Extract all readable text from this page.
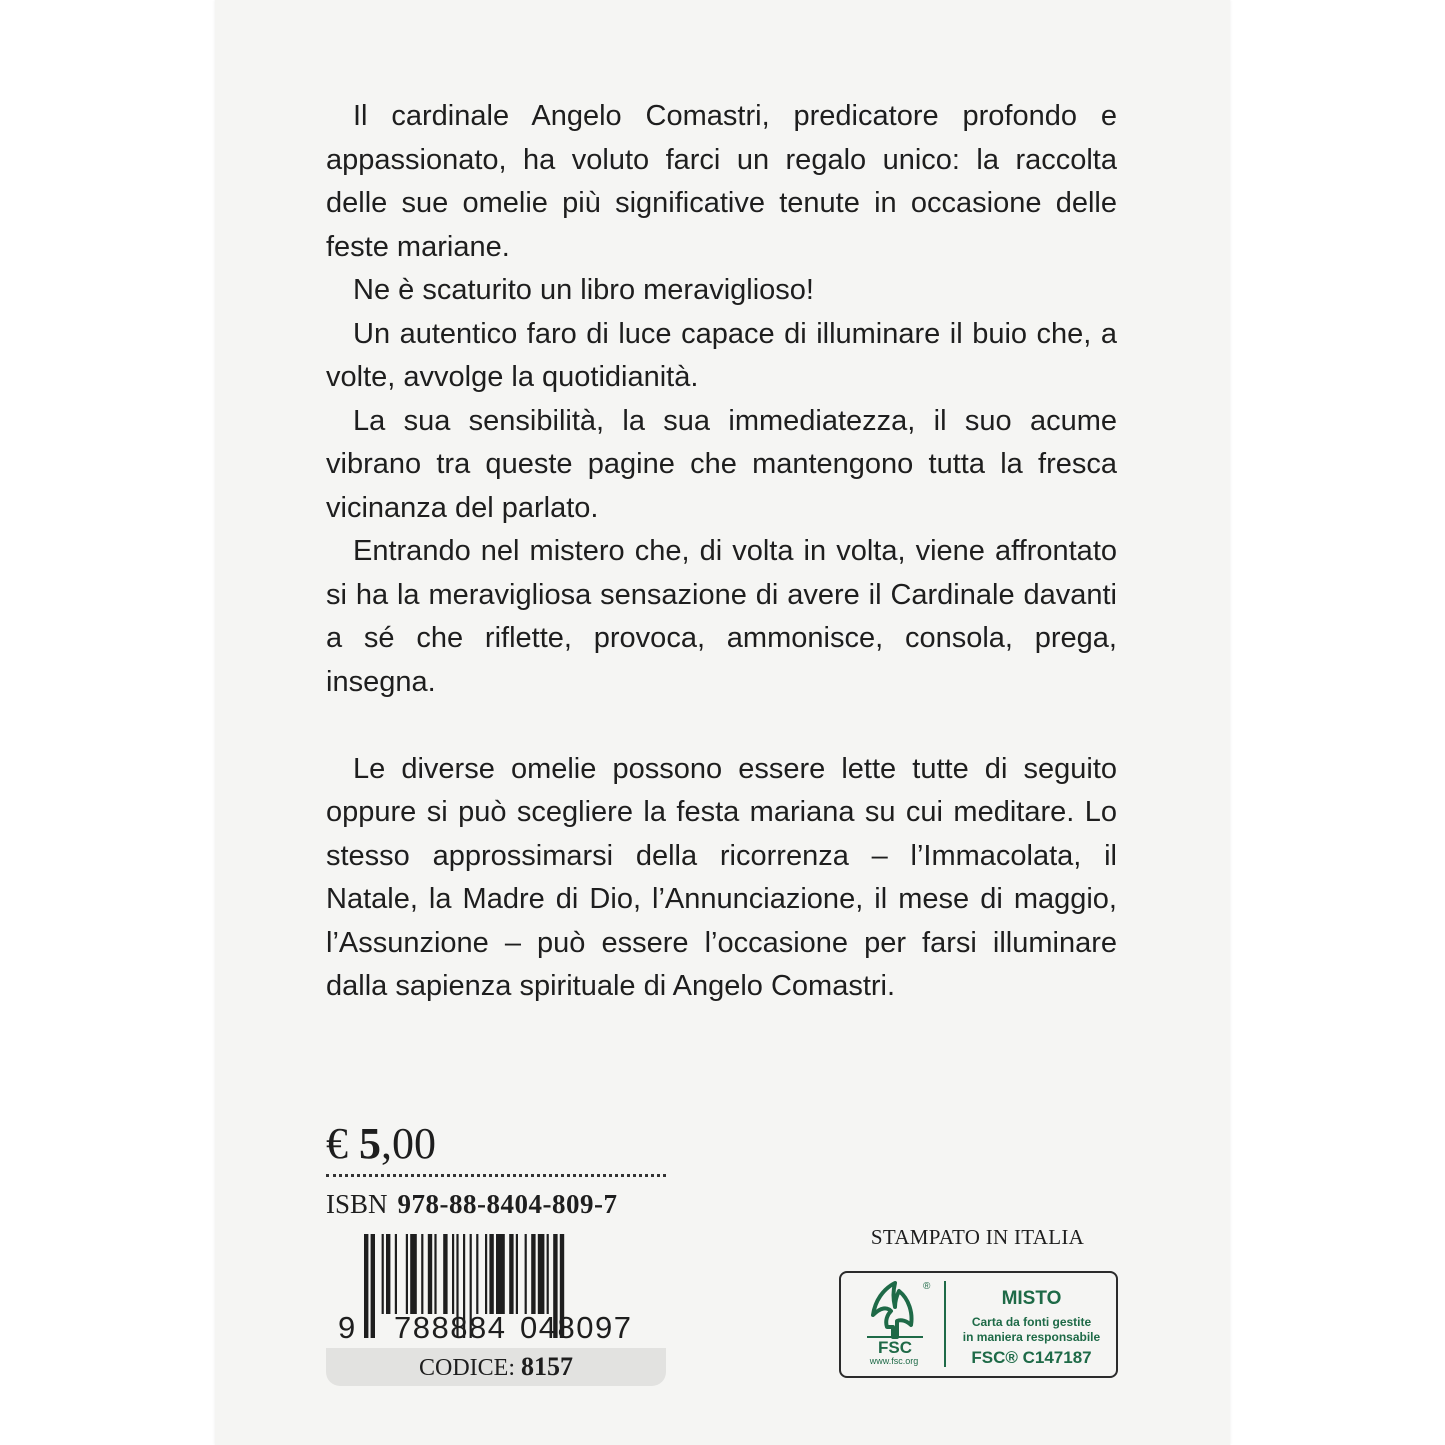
Il cardinale Angelo Comastri, predicatore profondo e appassionato, ha voluto farci un regalo unico: la raccolta delle sue omelie più significative tenute in occasione delle feste mariane.

Ne è scaturito un libro meraviglioso!

Un autentico faro di luce capace di illuminare il buio che, a volte, avvolge la quotidianità.

La sua sensibilità, la sua immediatezza, il suo acume vibrano tra queste pagine che mantengono tutta la fresca vicinanza del parlato.

Entrando nel mistero che, di volta in volta, viene affrontato si ha la meravigliosa sensazione di avere il Cardinale davanti a sé che riflette, provoca, ammonisce, consola, prega, insegna.

Le diverse omelie possono essere lette tutte di seguito oppure si può scegliere la festa mariana su cui meditare. Lo stesso approssimarsi della ricorrenza – l’Immacolata, il Natale, la Madre di Dio, l’Annunciazione, il mese di maggio, l’Assunzione – può essere l’occasione per farsi illuminare dalla sapienza spirituale di Angelo Comastri.

€ 5,00
ISBN 978-88-8404-809-7
9 788884 048097
CODICE: 8157
STAMPATO IN ITALIA
FSC
®
www.fsc.org
MISTO
Carta da fonti gestite
in maniera responsabile
FSC® C147187
